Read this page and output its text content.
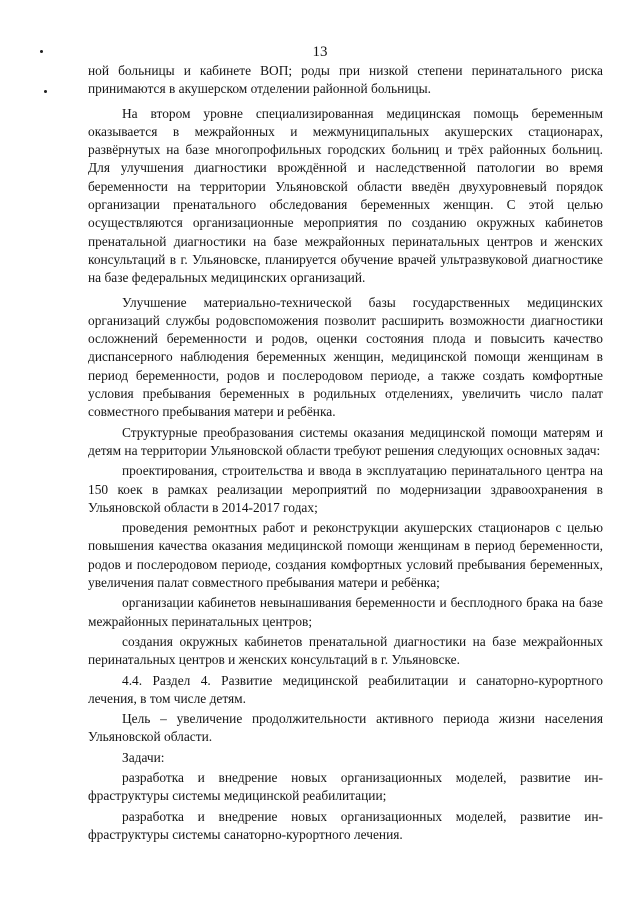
13

ной больницы и кабинете ВОП; роды при низкой степени перинатального риска принимаются в акушерском отделении районной больницы.

На втором уровне специализированная медицинская помощь беременным оказывается в межрайонных и межмуниципальных акушерских стационарах, развёрнутых на базе многопрофильных городских больниц и трёх районных больниц. Для улучшения диагностики врождённой и наследственной патологии во время беременности на территории Ульяновской области введён двухуровневый порядок организации пренатального обследования беременных женщин. С этой целью осуществляются организационные мероприятия по созданию окружных кабинетов пренатальной диагностики на базе межрайонных перинатальных центров и женских консультаций в г. Ульяновске, планируется обучение врачей ультразвуковой диагностике на базе федеральных медицинских организаций.

Улучшение материально-технической базы государственных медицинских организаций службы родовспоможения позволит расширить возможности диагностики осложнений беременности и родов, оценки состояния плода и повысить качество диспансерного наблюдения беременных женщин, медицинской помощи женщинам в период беременности, родов и послеродовом периоде, а также создать комфортные условия пребывания беременных в родильных отделениях, увеличить число палат совместного пребывания матери и ребёнка.

Структурные преобразования системы оказания медицинской помощи матерям и детям на территории Ульяновской области требуют решения следующих основных задач:

проектирования, строительства и ввода в эксплуатацию перинатального центра на 150 коек в рамках реализации мероприятий по модернизации здравоохранения в Ульяновской области в 2014-2017 годах;

проведения ремонтных работ и реконструкции акушерских стационаров с целью повышения качества оказания медицинской помощи женщинам в период беременности, родов и послеродовом периоде, создания комфортных условий пребывания беременных, увеличения палат совместного пребывания матери и ребёнка;

организации кабинетов невынашивания беременности и бесплодного брака на базе межрайонных перинатальных центров;

создания окружных кабинетов пренатальной диагностики на базе межрайонных перинатальных центров и женских консультаций в г. Ульяновске.

4.4. Раздел 4. Развитие медицинской реабилитации и санаторно-курортного лечения, в том числе детям.

Цель – увеличение продолжительности активного периода жизни населения Ульяновской области.

Задачи:

разработка и внедрение новых организационных моделей, развитие инфраструктуры системы медицинской реабилитации;

разработка и внедрение новых организационных моделей, развитие инфраструктуры системы санаторно-курортного лечения.
